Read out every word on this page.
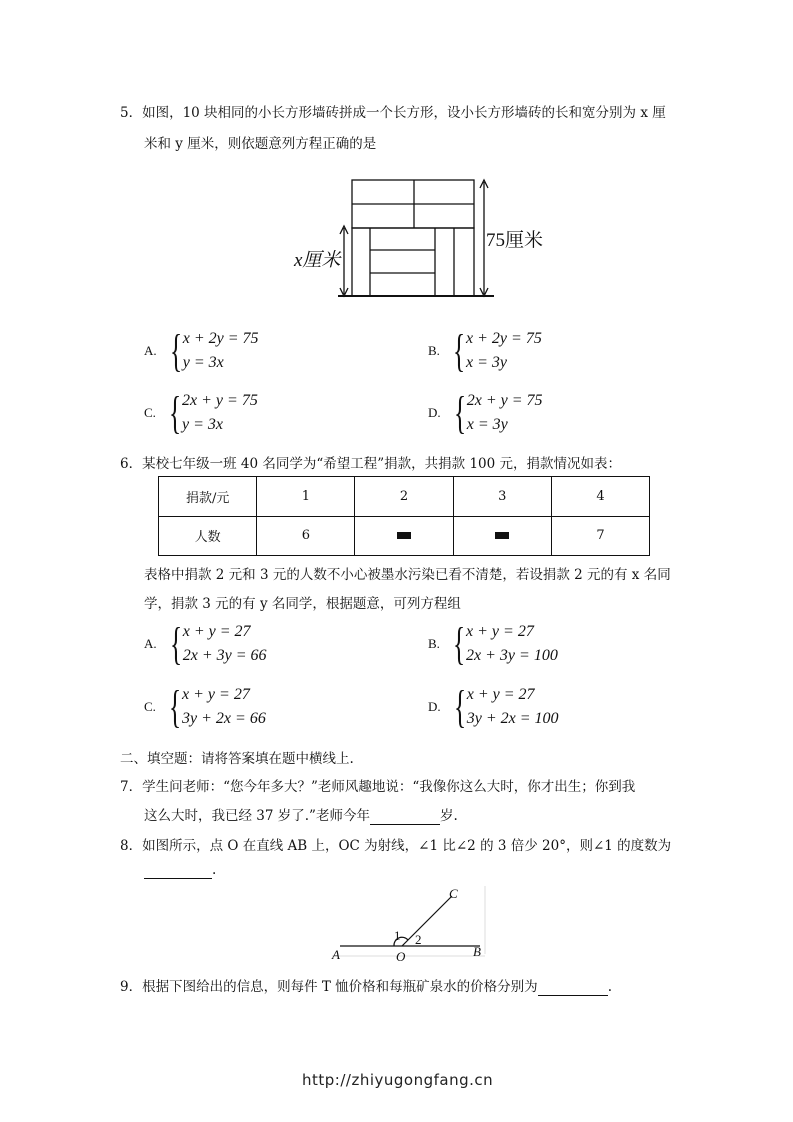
5．如图，10 块相同的小长方形墙砖拼成一个长方形，设小长方形墙砖的长和宽分别为 x 厘
米和 y 厘米，则依题意列方程正确的是
x厘米
75厘米
A. { x + 2y = 75
y = 3x
B. { x + 2y = 75
x = 3y
C. { 2x + y = 75
y = 3x
D. { 2x + y = 75
x = 3y
6．某校七年级一班 40 名同学为“希望工程”捐款，共捐款 100 元，捐款情况如表：
捐款/元	1	2	3	4
人数	6			7
表格中捐款 2 元和 3 元的人数不小心被墨水污染已看不清楚，若设捐款 2 元的有 x 名同
学，捐款 3 元的有 y 名同学，根据题意，可列方程组
A. { x + y = 27
2x + 3y = 66
B. { x + y = 27
2x + 3y = 100
C. { x + y = 27
3y + 2x = 66
D. { x + y = 27
3y + 2x = 100
二、填空题：请将答案填在题中横线上.
7．学生问老师：“您今年多大？”老师风趣地说：“我像你这么大时，你才出生；你到我
这么大时，我已经 37 岁了.”老师今年	岁.
8．如图所示，点 O 在直线 AB 上，OC 为射线，∠1 比∠2 的 3 倍少 20°，则∠1 的度数为
.
C
1 2
A	O	B
9．根据下图给出的信息，则每件 T 恤价格和每瓶矿泉水的价格分别为	.
http://zhiyugongfang.cn
